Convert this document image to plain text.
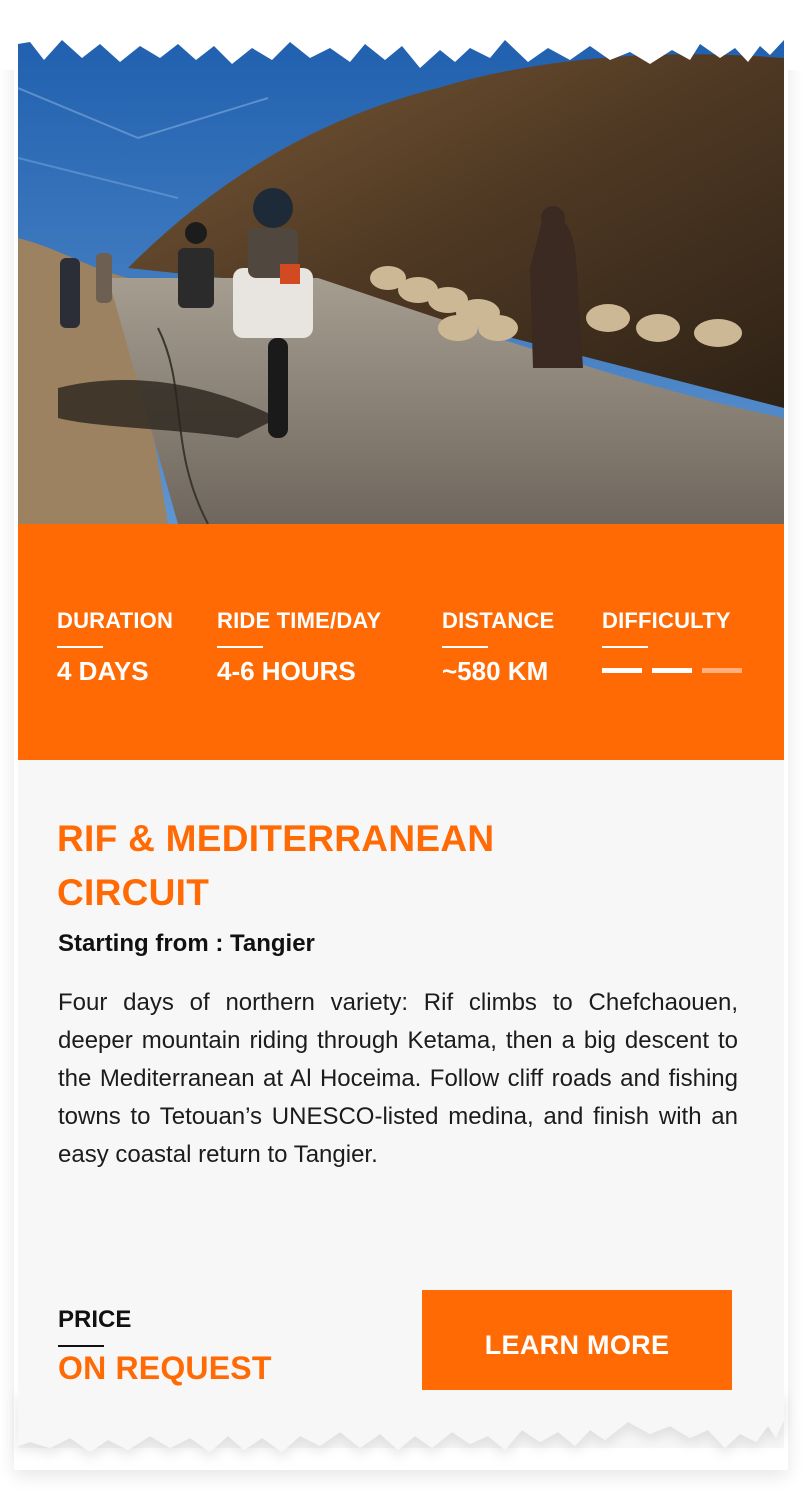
DURATION
4 DAYS
RIDE TIME/DAY
4-6 HOURS
DISTANCE
~580 KM
DIFFICULTY
RIF & MEDITERRANEAN CIRCUIT
Starting from : Tangier
Four days of northern variety: Rif climbs to Chefchaouen, deeper mountain riding through Ketama, then a big descent to the Mediterranean at Al Hoceima. Follow cliff roads and fishing towns to Tetouan’s UNESCO-listed medina, and finish with an easy coastal return to Tangier.
PRICE
ON REQUEST
LEARN MORE
